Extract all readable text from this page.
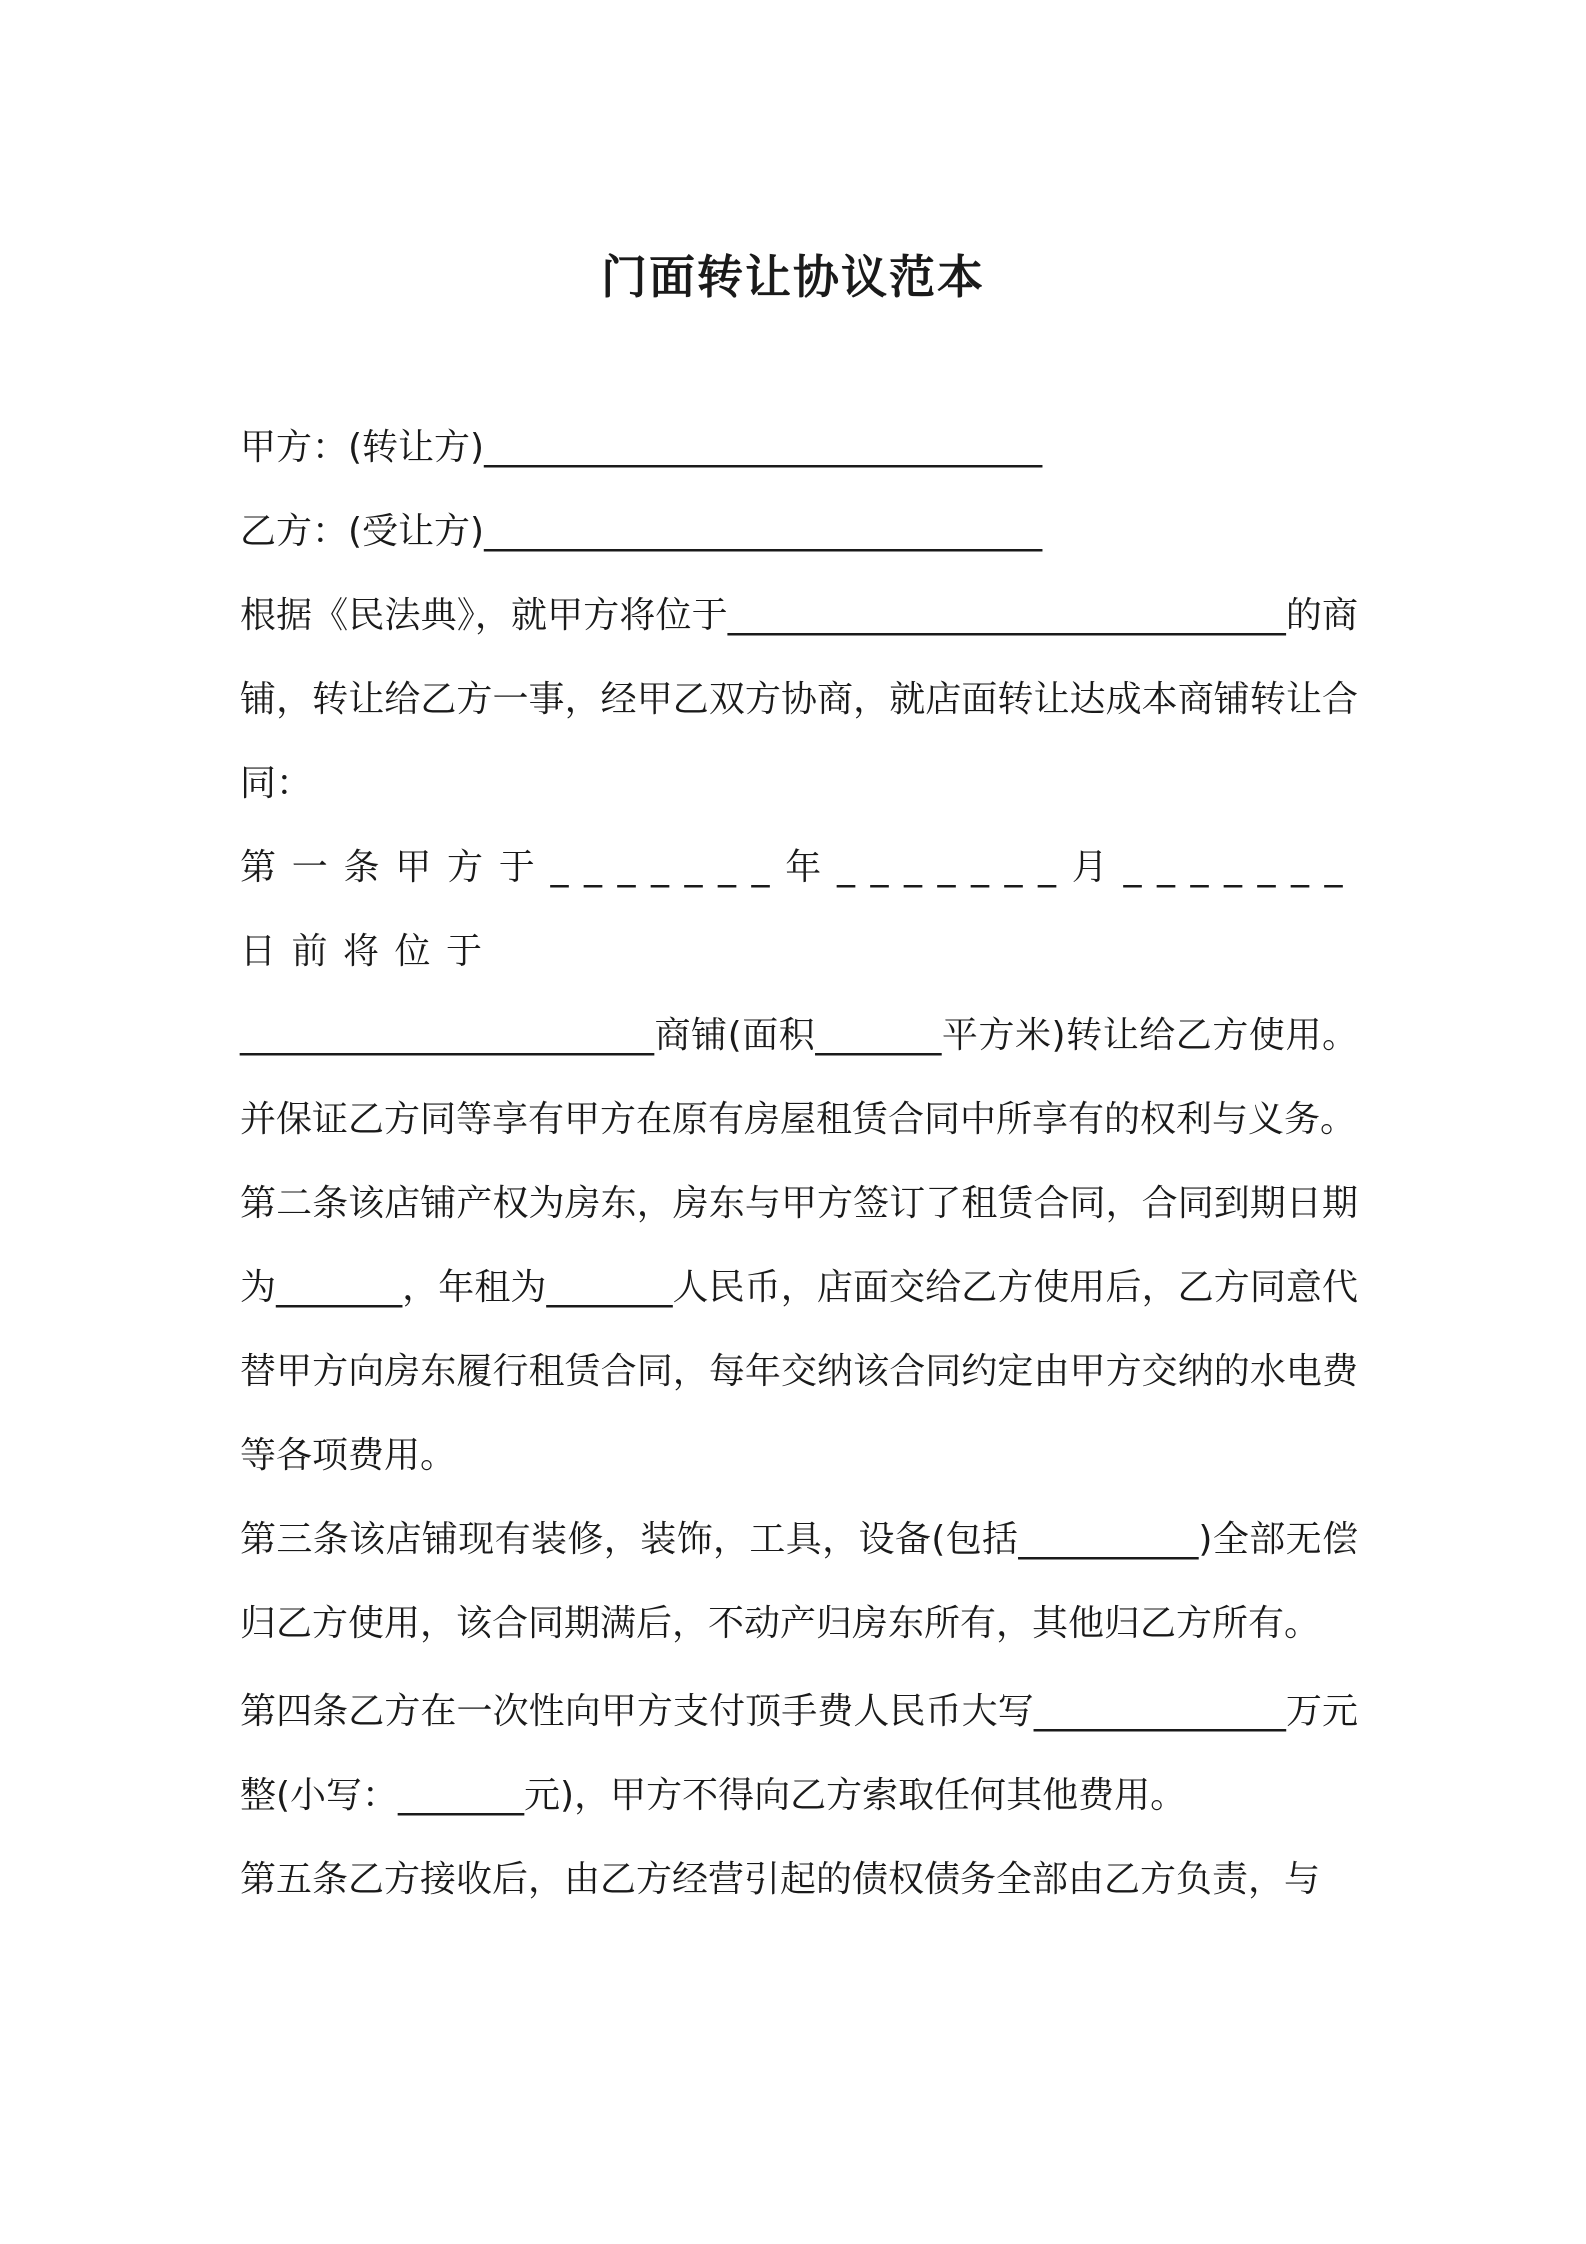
门面转让协议范本

甲方：(转让方)_______________________________

乙方：(受让方)_______________________________

根据《民法典》，就甲方将位于_______________________________的商铺，转让给乙方一事，经甲乙双方协商，就店面转让达成本商铺转让合同：

第一条甲方于_______年_______月_______日前将位于

_______________________商铺(面积_______平方米)转让给乙方使用。并保证乙方同等享有甲方在原有房屋租赁合同中所享有的权利与义务。

第二条该店铺产权为房东，房东与甲方签订了租赁合同，合同到期日期为_______，年租为_______人民币，店面交给乙方使用后，乙方同意代替甲方向房东履行租赁合同，每年交纳该合同约定由甲方交纳的水电费等各项费用。

第三条该店铺现有装修，装饰，工具，设备(包括__________)全部无偿归乙方使用，该合同期满后，不动产归房东所有，其他归乙方所有。

第四条乙方在一次性向甲方支付顶手费人民币大写______________万元整(小写：_______元)，甲方不得向乙方索取任何其他费用。

第五条乙方接收后，由乙方经营引起的债权债务全部由乙方负责，与
